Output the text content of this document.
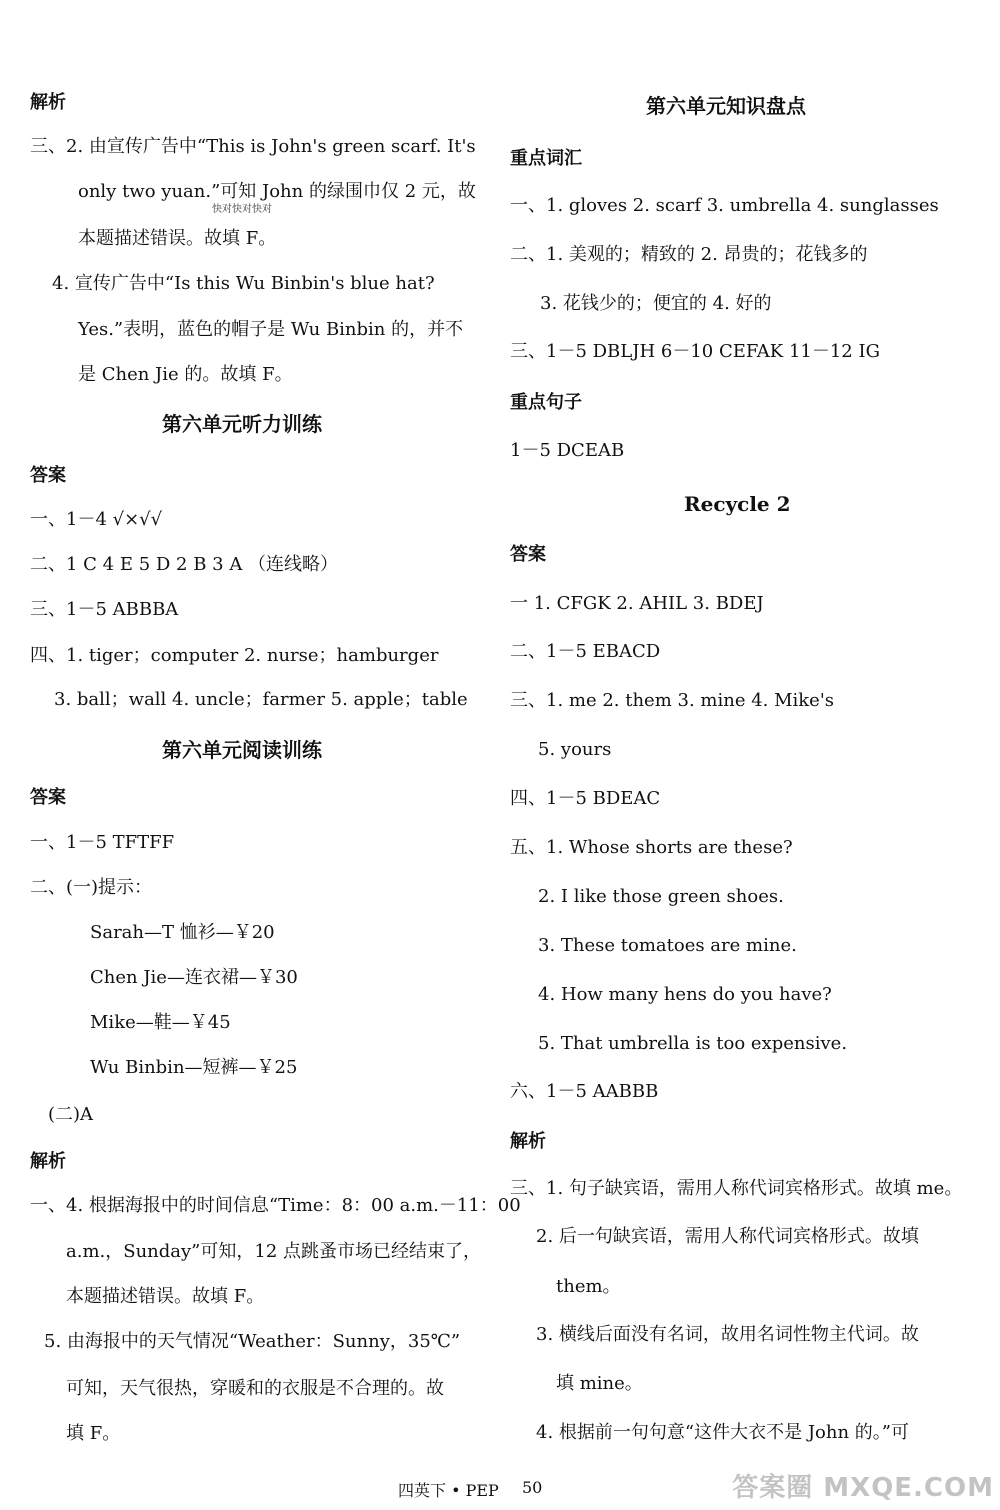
解析
三、2. 由宣传广告中“This is John's green scarf. It's
only two yuan.”可知 John 的绿围巾仅 2 元，故
快对快对快对
本题描述错误。故填 F。
4. 宣传广告中“Is this Wu Binbin's blue hat?
Yes.”表明，蓝色的帽子是 Wu Binbin 的，并不
是 Chen Jie 的。故填 F。
第六单元听力训练
答案
一、1－4 √×√√
二、1 C 4 E 5 D 2 B 3 A （连线略）
三、1－5 ABBBA
四、1. tiger；computer 2. nurse；hamburger
3. ball；wall 4. uncle；farmer 5. apple；table
第六单元阅读训练
答案
一、1－5 TFTFF
二、(一)提示：
Sarah—T 恤衫—￥20
Chen Jie—连衣裙—￥30
Mike—鞋—￥45
Wu Binbin—短裤—￥25
(二)A
解析
一、4. 根据海报中的时间信息“Time：8：00 a.m.－11：00
a.m.，Sunday”可知，12 点跳蚤市场已经结束了，
本题描述错误。故填 F。
5. 由海报中的天气情况“Weather：Sunny，35℃”
可知，天气很热，穿暖和的衣服是不合理的。故
填 F。
第六单元知识盘点
重点词汇
一、1. gloves 2. scarf 3. umbrella 4. sunglasses
二、1. 美观的；精致的 2. 昂贵的；花钱多的
3. 花钱少的；便宜的 4. 好的
三、1－5 DBLJH 6－10 CEFAK 11－12 IG
重点句子
1－5 DCEAB
Recycle 2
答案
一 1. CFGK 2. AHIL 3. BDEJ
二、1－5 EBACD
三、1. me 2. them 3. mine 4. Mike's
5. yours
四、1－5 BDEAC
五、1. Whose shorts are these?
2. I like those green shoes.
3. These tomatoes are mine.
4. How many hens do you have?
5. That umbrella is too expensive.
六、1－5 AABBB
解析
三、1. 句子缺宾语，需用人称代词宾格形式。故填 me。
2. 后一句缺宾语，需用人称代词宾格形式。故填
them。
3. 横线后面没有名词，故用名词性物主代词。故
填 mine。
4. 根据前一句句意“这件大衣不是 John 的。”可
四英下 • PEP 50	答案圈 MXQE.COM
